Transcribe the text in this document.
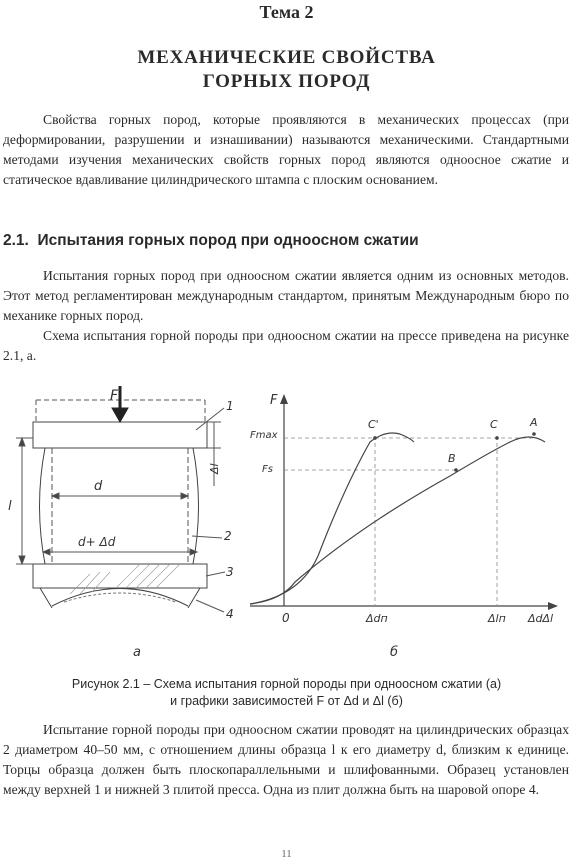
Тема 2
МЕХАНИЧЕСКИЕ СВОЙСТВА
ГОРНЫХ ПОРОД

Свойства горных пород, которые проявляются в механических процессах (при деформировании, разрушении и изнашивании) называются механическими. Стандартными методами изучения механических свойств горных пород являются одноосное сжатие и статическое вдавливание цилиндрического штампа с плоским основанием.

2.1. Испытания горных пород при одноосном сжатии

Испытания горных пород при одноосном сжатии является одним из основных методов. Этот метод регламентирован международным стандартом, принятым Международным бюро по механике горных пород.

Схема испытания горной породы при одноосном сжатии на прессе приведена на рисунке 2.1, а.

F
1
2
3
4
l
Δl
d
d+ Δd
а
F
ΔdΔl
0
Fmax
Fs
C'	C
B
A
Δdп	Δlп
б
Рисунок 2.1 – Схема испытания горной породы при одноосном сжатии (а)
и графики зависимостей F от Δd и Δl (б)

Испытание горной породы при одноосном сжатии проводят на цилиндрических образцах 2 диаметром 40–50 мм, с отношением длины образца l к его диаметру d, близким к единице. Торцы образца должен быть плоскопараллельными и шлифованными. Образец установлен между верхней 1 и нижней 3 плитой пресса. Одна из плит должна быть на шаровой опоре 4.

11
